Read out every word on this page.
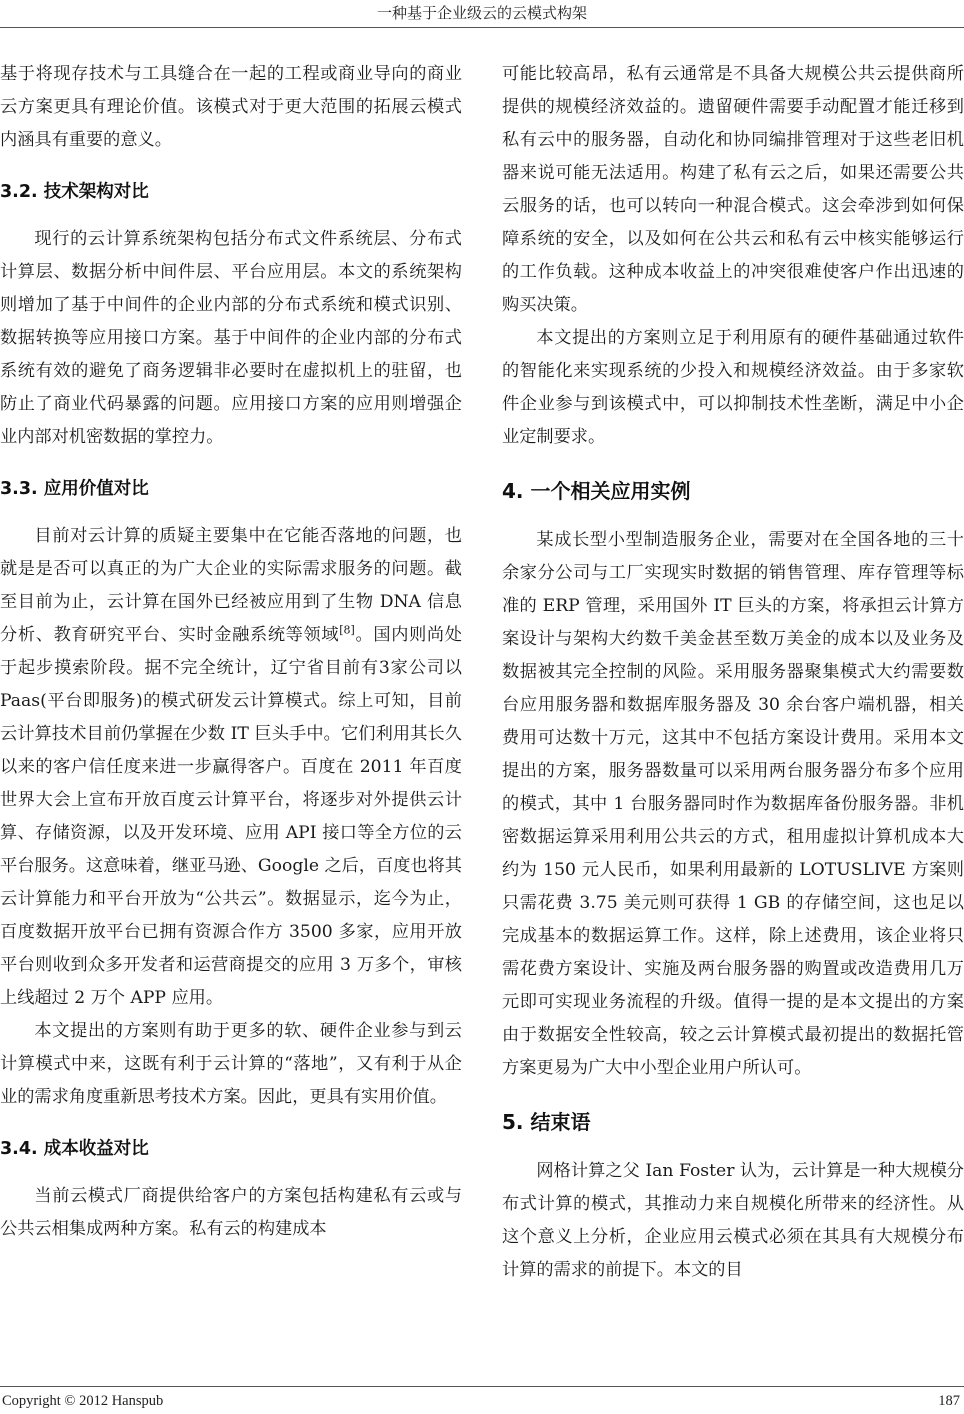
一种基于企业级云的云模式构架

基于将现存技术与工具缝合在一起的工程或商业导向的商业云方案更具有理论价值。该模式对于更大范围的拓展云模式内涵具有重要的意义。

3.2. 技术架构对比

现行的云计算系统架构包括分布式文件系统层、分布式计算层、数据分析中间件层、平台应用层。本文的系统架构则增加了基于中间件的企业内部的分布式系统和模式识别、数据转换等应用接口方案。基于中间件的企业内部的分布式系统有效的避免了商务逻辑非必要时在虚拟机上的驻留，也防止了商业代码暴露的问题。应用接口方案的应用则增强企业内部对机密数据的掌控力。

3.3. 应用价值对比

目前对云计算的质疑主要集中在它能否落地的问题，也就是是否可以真正的为广大企业的实际需求服务的问题。截至目前为止，云计算在国外已经被应用到了生物 DNA 信息分析、教育研究平台、实时金融系统等领域[8]。国内则尚处于起步摸索阶段。据不完全统计，辽宁省目前有3家公司以Paas(平台即服务)的模式研发云计算模式。综上可知，目前云计算技术目前仍掌握在少数 IT 巨头手中。它们利用其长久以来的客户信任度来进一步赢得客户。百度在 2011 年百度世界大会上宣布开放百度云计算平台，将逐步对外提供云计算、存储资源，以及开发环境、应用 API 接口等全方位的云平台服务。这意味着，继亚马逊、Google 之后，百度也将其云计算能力和平台开放为“公共云”。数据显示，迄今为止，百度数据开放平台已拥有资源合作方 3500 多家，应用开放平台则收到众多开发者和运营商提交的应用 3 万多个，审核上线超过 2 万个 APP 应用。

本文提出的方案则有助于更多的软、硬件企业参与到云计算模式中来，这既有利于云计算的“落地”，又有利于从企业的需求角度重新思考技术方案。因此，更具有实用价值。

3.4. 成本收益对比

当前云模式厂商提供给客户的方案包括构建私有云或与公共云相集成两种方案。私有云的构建成本

可能比较高昂，私有云通常是不具备大规模公共云提供商所提供的规模经济效益的。遗留硬件需要手动配置才能迁移到私有云中的服务器，自动化和协同编排管理对于这些老旧机器来说可能无法适用。构建了私有云之后，如果还需要公共云服务的话，也可以转向一种混合模式。这会牵涉到如何保障系统的安全，以及如何在公共云和私有云中核实能够运行的工作负载。这种成本收益上的冲突很难使客户作出迅速的购买决策。

本文提出的方案则立足于利用原有的硬件基础通过软件的智能化来实现系统的少投入和规模经济效益。由于多家软件企业参与到该模式中，可以抑制技术性垄断，满足中小企业定制要求。

4. 一个相关应用实例

某成长型小型制造服务企业，需要对在全国各地的三十余家分公司与工厂实现实时数据的销售管理、库存管理等标准的 ERP 管理，采用国外 IT 巨头的方案，将承担云计算方案设计与架构大约数千美金甚至数万美金的成本以及业务及数据被其完全控制的风险。采用服务器聚集模式大约需要数台应用服务器和数据库服务器及 30 余台客户端机器，相关费用可达数十万元，这其中不包括方案设计费用。采用本文提出的方案，服务器数量可以采用两台服务器分布多个应用的模式，其中 1 台服务器同时作为数据库备份服务器。非机密数据运算采用利用公共云的方式，租用虚拟计算机成本大约为 150 元人民币，如果利用最新的 LOTUSLIVE 方案则只需花费 3.75 美元则可获得 1 GB 的存储空间，这也足以完成基本的数据运算工作。这样，除上述费用，该企业将只需花费方案设计、实施及两台服务器的购置或改造费用几万元即可实现业务流程的升级。值得一提的是本文提出的方案由于数据安全性较高，较之云计算模式最初提出的数据托管方案更易为广大中小型企业用户所认可。

5. 结束语

网格计算之父 Ian Foster 认为，云计算是一种大规模分布式计算的模式，其推动力来自规模化所带来的经济性。从这个意义上分析，企业应用云模式必须在其具有大规模分布计算的需求的前提下。本文的目

Copyright © 2012 Hanspub	187
